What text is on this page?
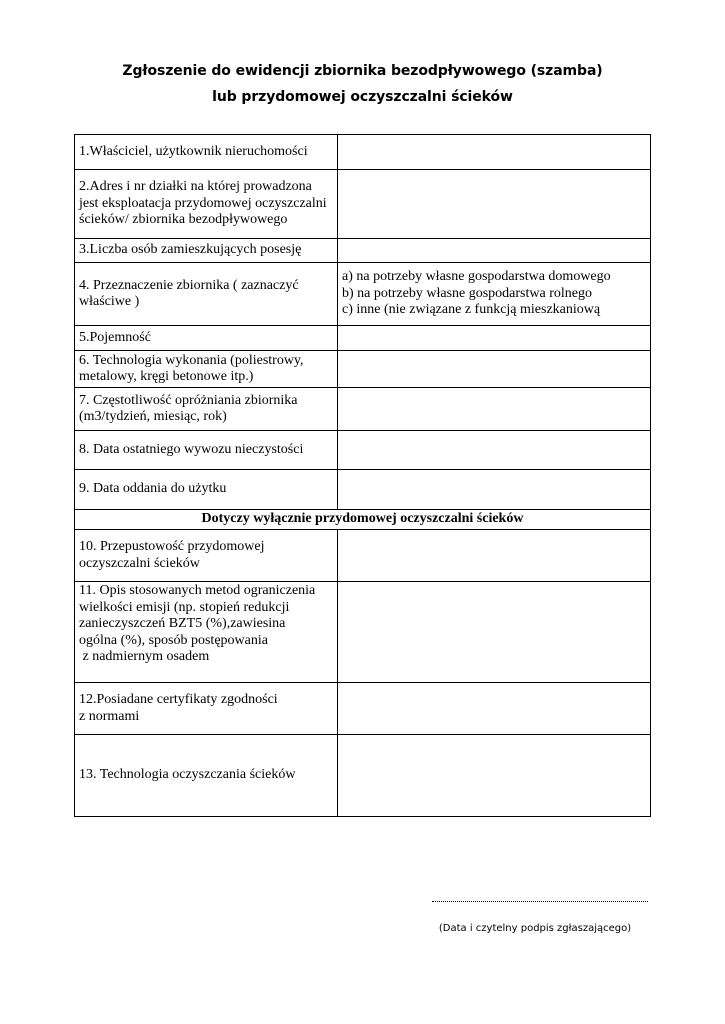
Zgłoszenie do ewidencji zbiornika bezodpływowego (szamba)
lub przydomowej oczyszczalni ścieków
1.Właściciel, użytkownik nieruchomości	
2.Adres i nr działki na której prowadzona jest eksploatacja przydomowej oczyszczalni ścieków/ zbiornika bezodpływowego	
3.Liczba osób zamieszkujących posesję	
4. Przeznaczenie zbiornika ( zaznaczyć właściwe )	a) na potrzeby własne gospodarstwa domowego
b) na potrzeby własne gospodarstwa rolnego
c) inne (nie związane z funkcją mieszkaniową

5.Pojemność	
6. Technologia wykonania (poliestrowy, metalowy, kręgi betonowe itp.)	
7. Częstotliwość opróżniania zbiornika (m3/tydzień, miesiąc, rok)	
8. Data ostatniego wywozu nieczystości	
9. Data oddania do użytku	
Dotyczy wyłącznie przydomowej oczyszczalni ścieków	
10. Przepustowość przydomowej oczyszczalni ścieków	

11. Opis stosowanych metod ograniczenia
wielkości emisji (np. stopień redukcji
zanieczyszczeń BZT5 (%),zawiesina
ogólna (%), sposób postępowania
z nadmiernym osadem	

12.Posiadane certyfikaty zgodności
z normami	

13. Technologia oczyszczania ścieków	
(Data i czytelny podpis zgłaszającego)
